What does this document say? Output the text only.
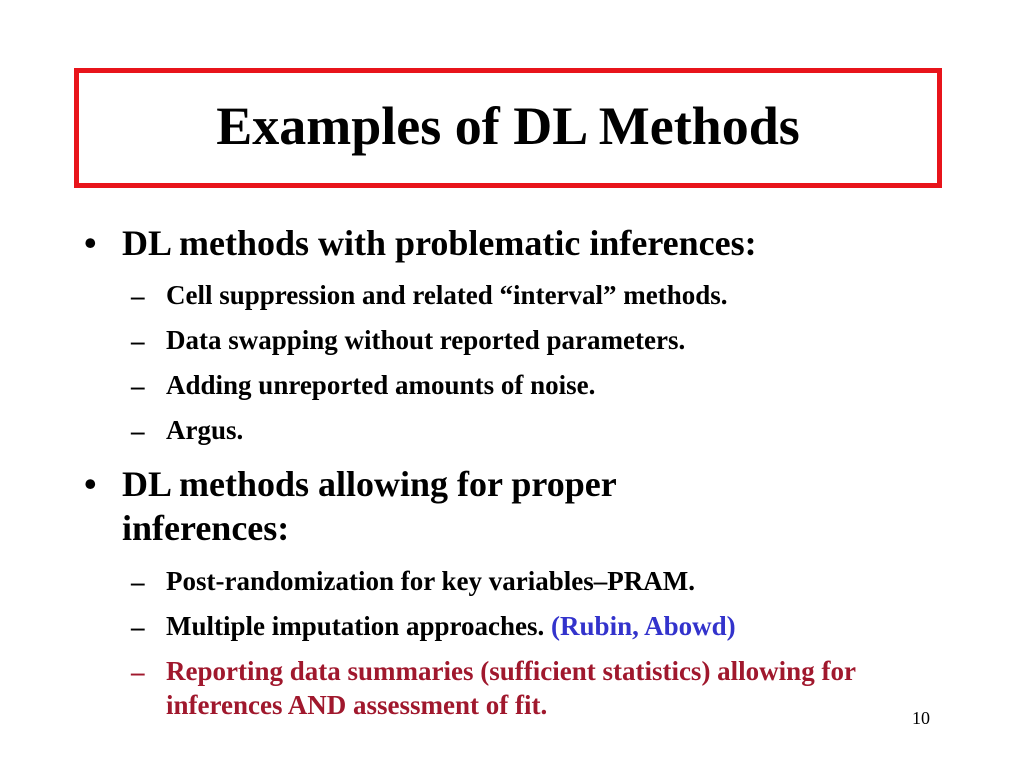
Examples of DL Methods
• DL methods with problematic inferences:
– Cell suppression and related “interval” methods.
– Data swapping without reported parameters.
– Adding unreported amounts of noise.
– Argus.
• DL methods allowing for proper inferences:
– Post-randomization for key variables–PRAM.
– Multiple imputation approaches. (Rubin, Abowd)
– Reporting data summaries (sufficient statistics) allowing for inferences AND assessment of fit.	10
